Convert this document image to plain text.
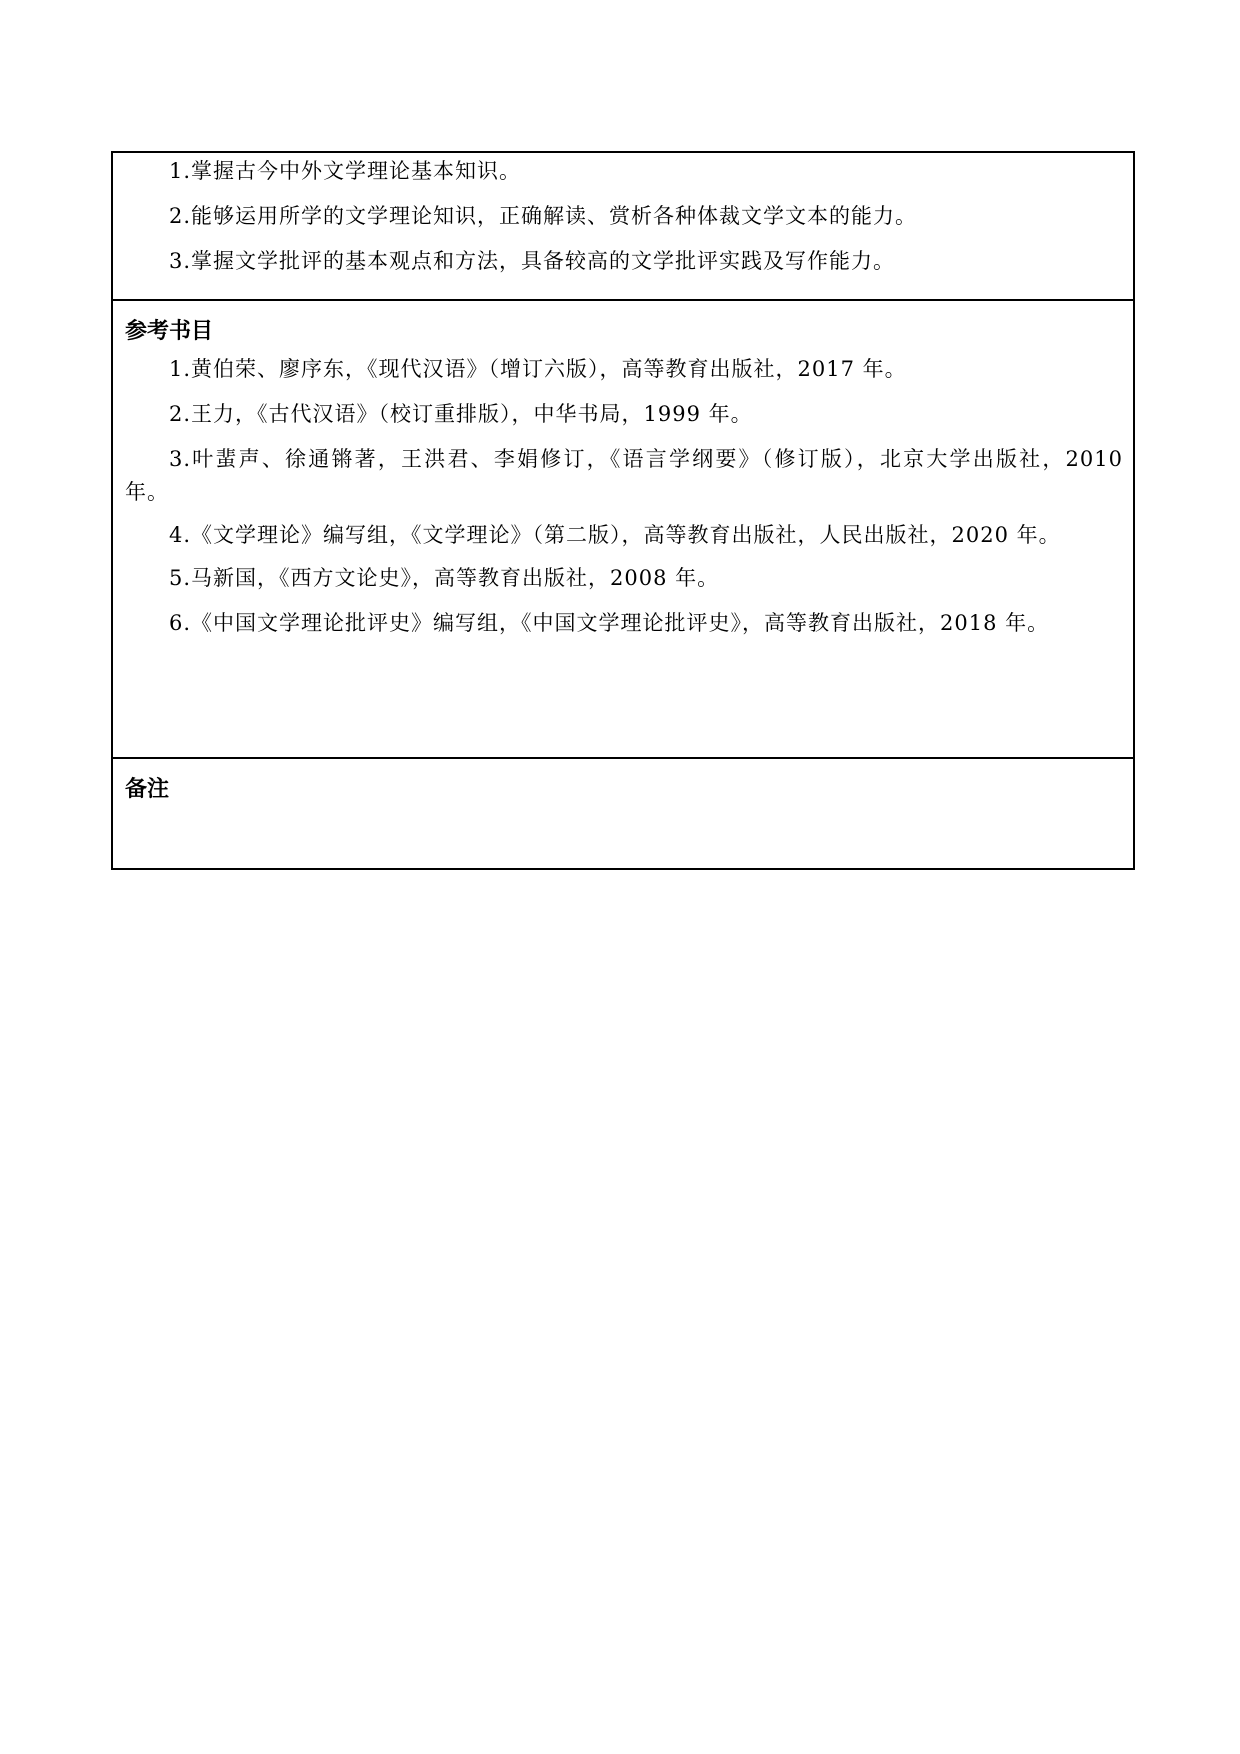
1.掌握古今中外文学理论基本知识。

2.能够运用所学的文学理论知识，正确解读、赏析各种体裁文学文本的能力。

3.掌握文学批评的基本观点和方法，具备较高的文学批评实践及写作能力。

参考书目

1.黄伯荣、廖序东，《现代汉语》（增订六版），高等教育出版社，2017 年。

2.王力，《古代汉语》（校订重排版），中华书局，1999 年。

3.叶蜚声、徐通锵著，王洪君、李娟修订，《语言学纲要》（修订版），北京大学出版社，2010 年。

4.《文学理论》编写组，《文学理论》（第二版），高等教育出版社，人民出版社，2020 年。

5.马新国，《西方文论史》，高等教育出版社，2008 年。

6.《中国文学理论批评史》编写组，《中国文学理论批评史》，高等教育出版社，2018 年。

备注
